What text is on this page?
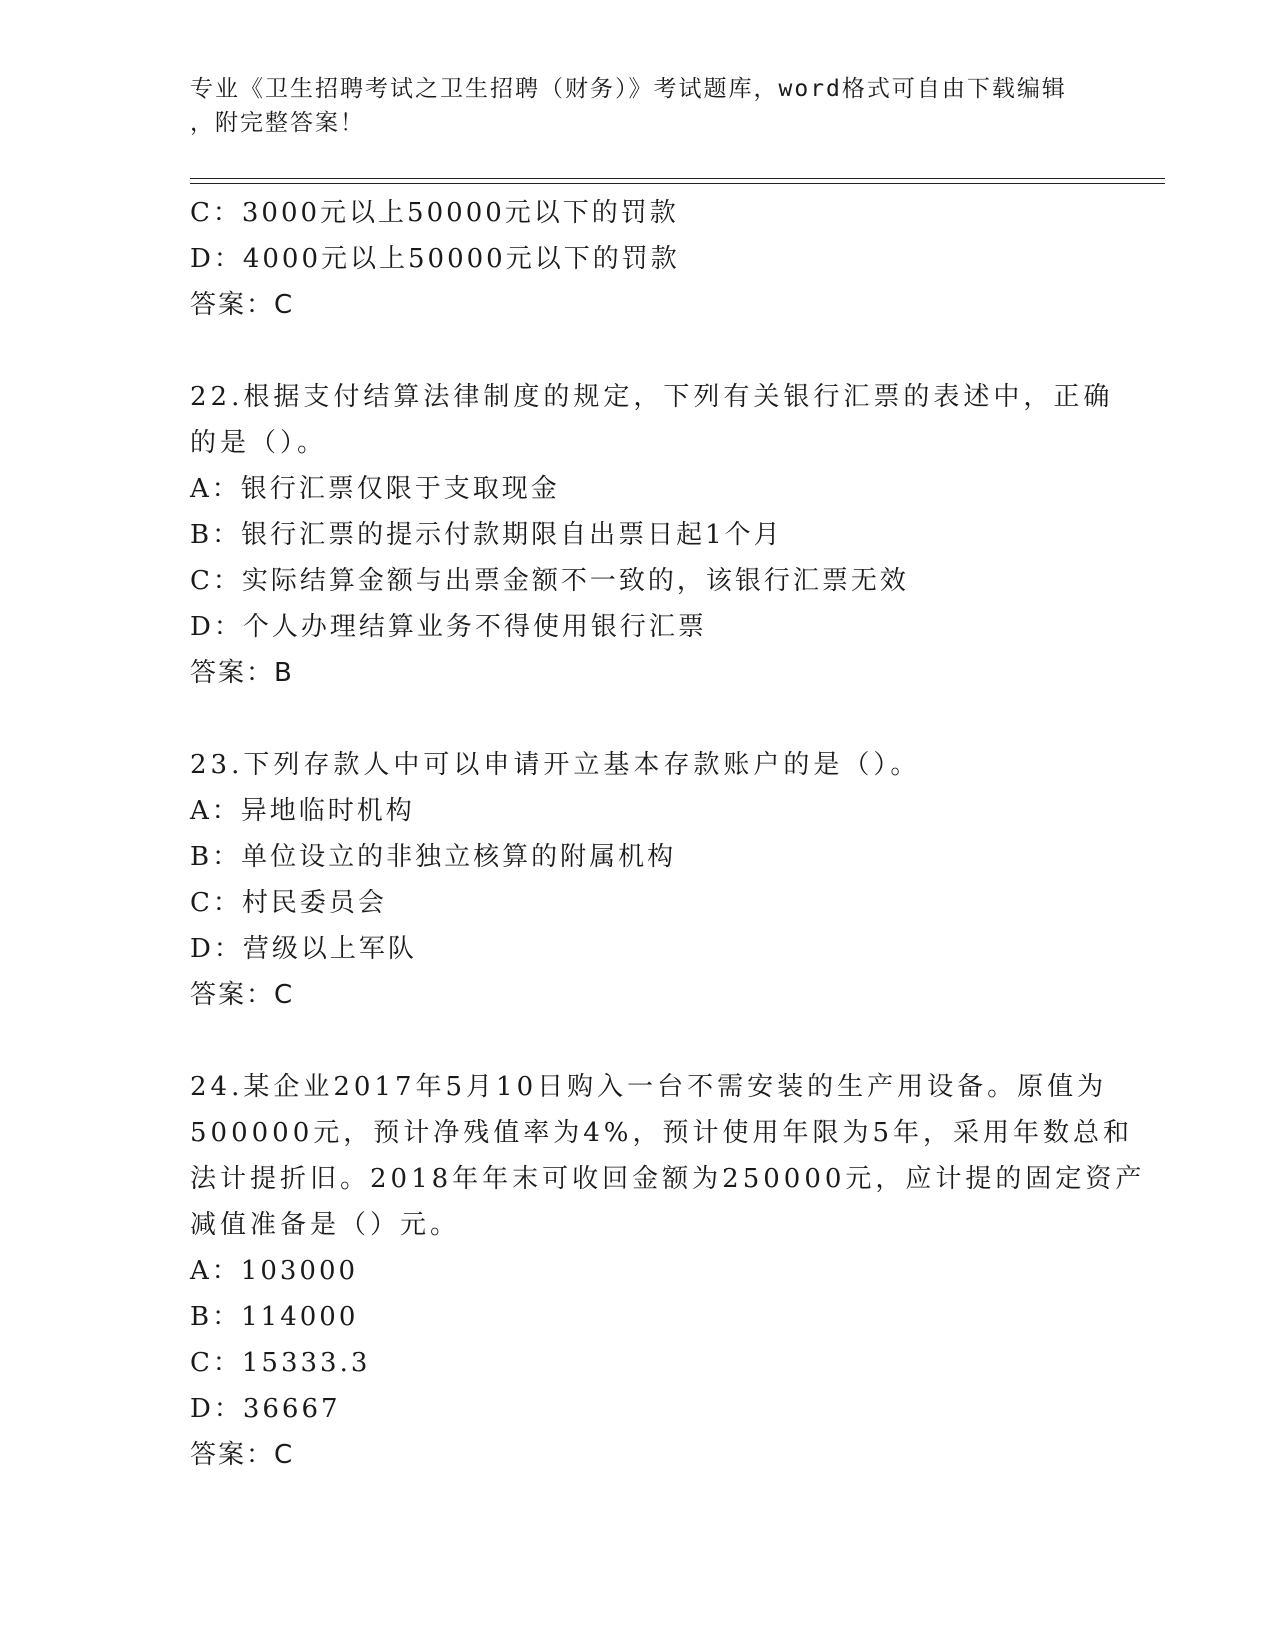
专业《卫生招聘考试之卫生招聘（财务）》考试题库，word格式可自由下载编辑
，附完整答案！
C：3000元以上50000元以下的罚款
D：4000元以上50000元以下的罚款
答案：C
22.根据支付结算法律制度的规定，下列有关银行汇票的表述中，正确
的是（）。
A：银行汇票仅限于支取现金
B：银行汇票的提示付款期限自出票日起1个月
C：实际结算金额与出票金额不一致的，该银行汇票无效
D：个人办理结算业务不得使用银行汇票
答案：B
23.下列存款人中可以申请开立基本存款账户的是（）。
A：异地临时机构
B：单位设立的非独立核算的附属机构
C：村民委员会
D：营级以上军队
答案：C
24.某企业2017年5月10日购入一台不需安装的生产用设备。原值为
500000元，预计净残值率为4%，预计使用年限为5年，采用年数总和
法计提折旧。2018年年末可收回金额为250000元，应计提的固定资产
减值准备是（）元。
A：103000
B：114000
C：15333.3
D：36667
答案：C
